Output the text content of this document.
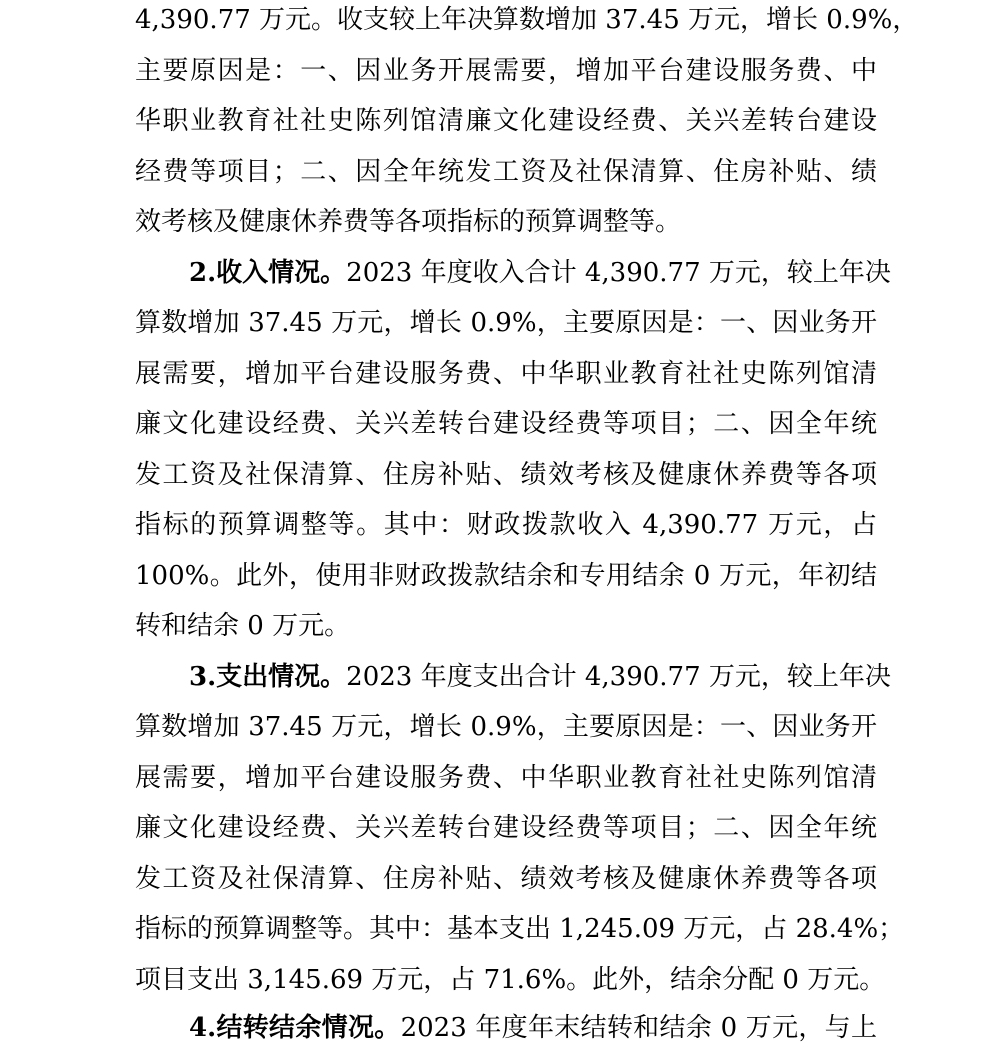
4,390.77 万元。收支较上年决算数增加 37.45 万元，增长 0.9%，
主要原因是：一、因业务开展需要，增加平台建设服务费、中
华职业教育社社史陈列馆清廉文化建设经费、关兴差转台建设
经费等项目；二、因全年统发工资及社保清算、住房补贴、绩
效考核及健康休养费等各项指标的预算调整等。
2.收入情况。2023 年度收入合计 4,390.77 万元，较上年决
算数增加 37.45 万元，增长 0.9%，主要原因是：一、因业务开
展需要，增加平台建设服务费、中华职业教育社社史陈列馆清
廉文化建设经费、关兴差转台建设经费等项目；二、因全年统
发工资及社保清算、住房补贴、绩效考核及健康休养费等各项
指标的预算调整等。其中：财政拨款收入 4,390.77 万元，占
100%。此外，使用非财政拨款结余和专用结余 0 万元，年初结
转和结余 0 万元。
3.支出情况。2023 年度支出合计 4,390.77 万元，较上年决
算数增加 37.45 万元，增长 0.9%，主要原因是：一、因业务开
展需要，增加平台建设服务费、中华职业教育社社史陈列馆清
廉文化建设经费、关兴差转台建设经费等项目；二、因全年统
发工资及社保清算、住房补贴、绩效考核及健康休养费等各项
指标的预算调整等。其中：基本支出 1,245.09 万元，占 28.4%；
项目支出 3,145.69 万元，占 71.6%。此外，结余分配 0 万元。
4.结转结余情况。2023 年度年末结转和结余 0 万元，与上
